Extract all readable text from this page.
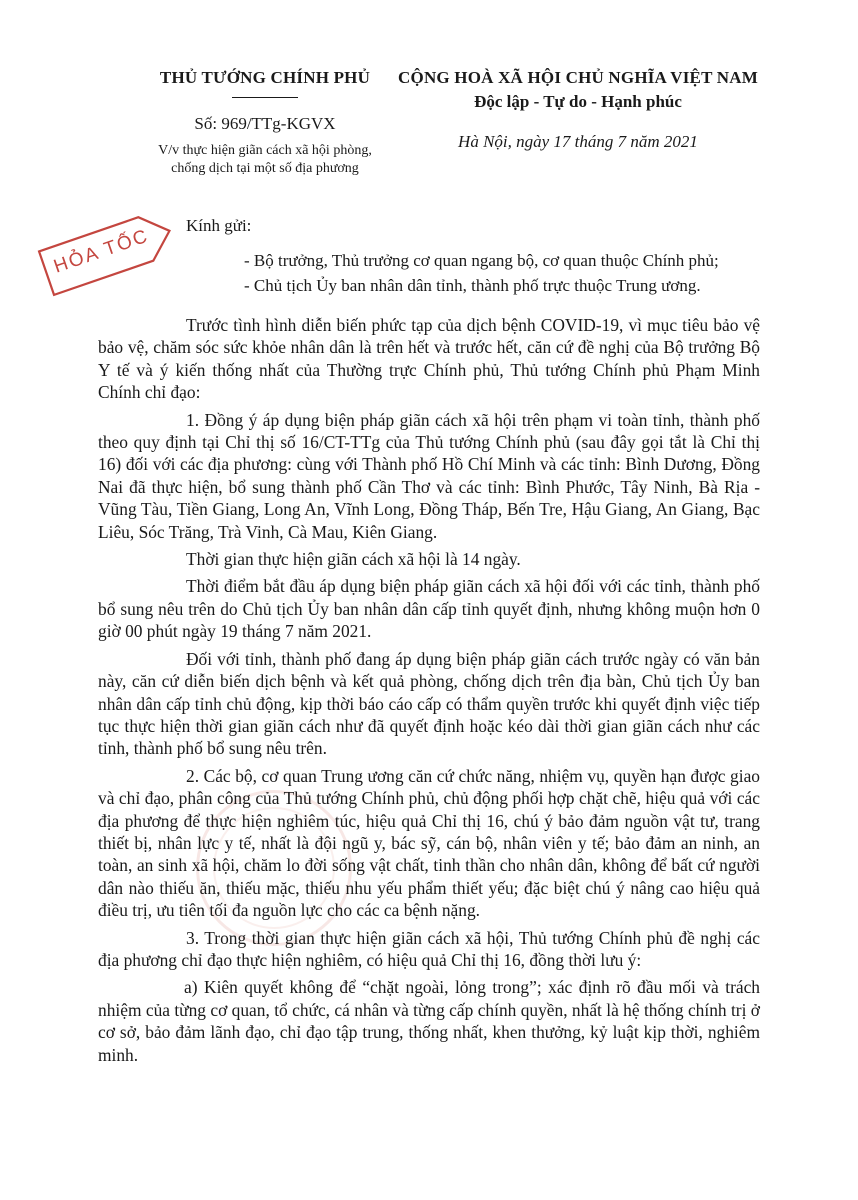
THỦ TƯỚNG CHÍNH PHỦ
Số: 969/TTg-KGVX
V/v thực hiện giãn cách xã hội phòng,
chống dịch tại một số địa phương
CỘNG HOÀ XÃ HỘI CHỦ NGHĨA VIỆT NAM
Độc lập - Tự do - Hạnh phúc
Hà Nội, ngày 17 tháng 7 năm 2021
HỎA TỐC
Kính gửi:
- Bộ trưởng, Thủ trưởng cơ quan ngang bộ, cơ quan thuộc Chính phủ;
- Chủ tịch Ủy ban nhân dân tỉnh, thành phố trực thuộc Trung ương.

Trước tình hình diễn biến phức tạp của dịch bệnh COVID-19, vì mục tiêu bảo vệ bảo vệ, chăm sóc sức khỏe nhân dân là trên hết và trước hết, căn cứ đề nghị của Bộ trưởng Bộ Y tế và ý kiến thống nhất của Thường trực Chính phủ, Thủ tướng Chính phủ Phạm Minh Chính chỉ đạo:

1. Đồng ý áp dụng biện pháp giãn cách xã hội trên phạm vi toàn tỉnh, thành phố theo quy định tại Chỉ thị số 16/CT-TTg của Thủ tướng Chính phủ (sau đây gọi tắt là Chỉ thị 16) đối với các địa phương: cùng với Thành phố Hồ Chí Minh và các tỉnh: Bình Dương, Đồng Nai đã thực hiện, bổ sung thành phố Cần Thơ và các tỉnh: Bình Phước, Tây Ninh, Bà Rịa - Vũng Tàu, Tiền Giang, Long An, Vĩnh Long, Đồng Tháp, Bến Tre, Hậu Giang, An Giang, Bạc Liêu, Sóc Trăng, Trà Vinh, Cà Mau, Kiên Giang.

Thời gian thực hiện giãn cách xã hội là 14 ngày.

Thời điểm bắt đầu áp dụng biện pháp giãn cách xã hội đối với các tỉnh, thành phố bổ sung nêu trên do Chủ tịch Ủy ban nhân dân cấp tỉnh quyết định, nhưng không muộn hơn 0 giờ 00 phút ngày 19 tháng 7 năm 2021.

Đối với tỉnh, thành phố đang áp dụng biện pháp giãn cách trước ngày có văn bản này, căn cứ diễn biến dịch bệnh và kết quả phòng, chống dịch trên địa bàn, Chủ tịch Ủy ban nhân dân cấp tỉnh chủ động, kịp thời báo cáo cấp có thẩm quyền trước khi quyết định việc tiếp tục thực hiện thời gian giãn cách như đã quyết định hoặc kéo dài thời gian giãn cách như các tỉnh, thành phố bổ sung nêu trên.

2. Các bộ, cơ quan Trung ương căn cứ chức năng, nhiệm vụ, quyền hạn được giao và chỉ đạo, phân công của Thủ tướng Chính phủ, chủ động phối hợp chặt chẽ, hiệu quả với các địa phương để thực hiện nghiêm túc, hiệu quả Chỉ thị 16, chú ý bảo đảm nguồn vật tư, trang thiết bị, nhân lực y tế, nhất là đội ngũ y, bác sỹ, cán bộ, nhân viên y tế; bảo đảm an ninh, an toàn, an sinh xã hội, chăm lo đời sống vật chất, tinh thần cho nhân dân, không để bất cứ người dân nào thiếu ăn, thiếu mặc, thiếu nhu yếu phẩm thiết yếu; đặc biệt chú ý nâng cao hiệu quả điều trị, ưu tiên tối đa nguồn lực cho các ca bệnh nặng.

3. Trong thời gian thực hiện giãn cách xã hội, Thủ tướng Chính phủ đề nghị các địa phương chỉ đạo thực hiện nghiêm, có hiệu quả Chỉ thị 16, đồng thời lưu ý:

a) Kiên quyết không để “chặt ngoài, lỏng trong”; xác định rõ đầu mối và trách nhiệm của từng cơ quan, tổ chức, cá nhân và từng cấp chính quyền, nhất là hệ thống chính trị ở cơ sở, bảo đảm lãnh đạo, chỉ đạo tập trung, thống nhất, khen thưởng, kỷ luật kịp thời, nghiêm minh.
